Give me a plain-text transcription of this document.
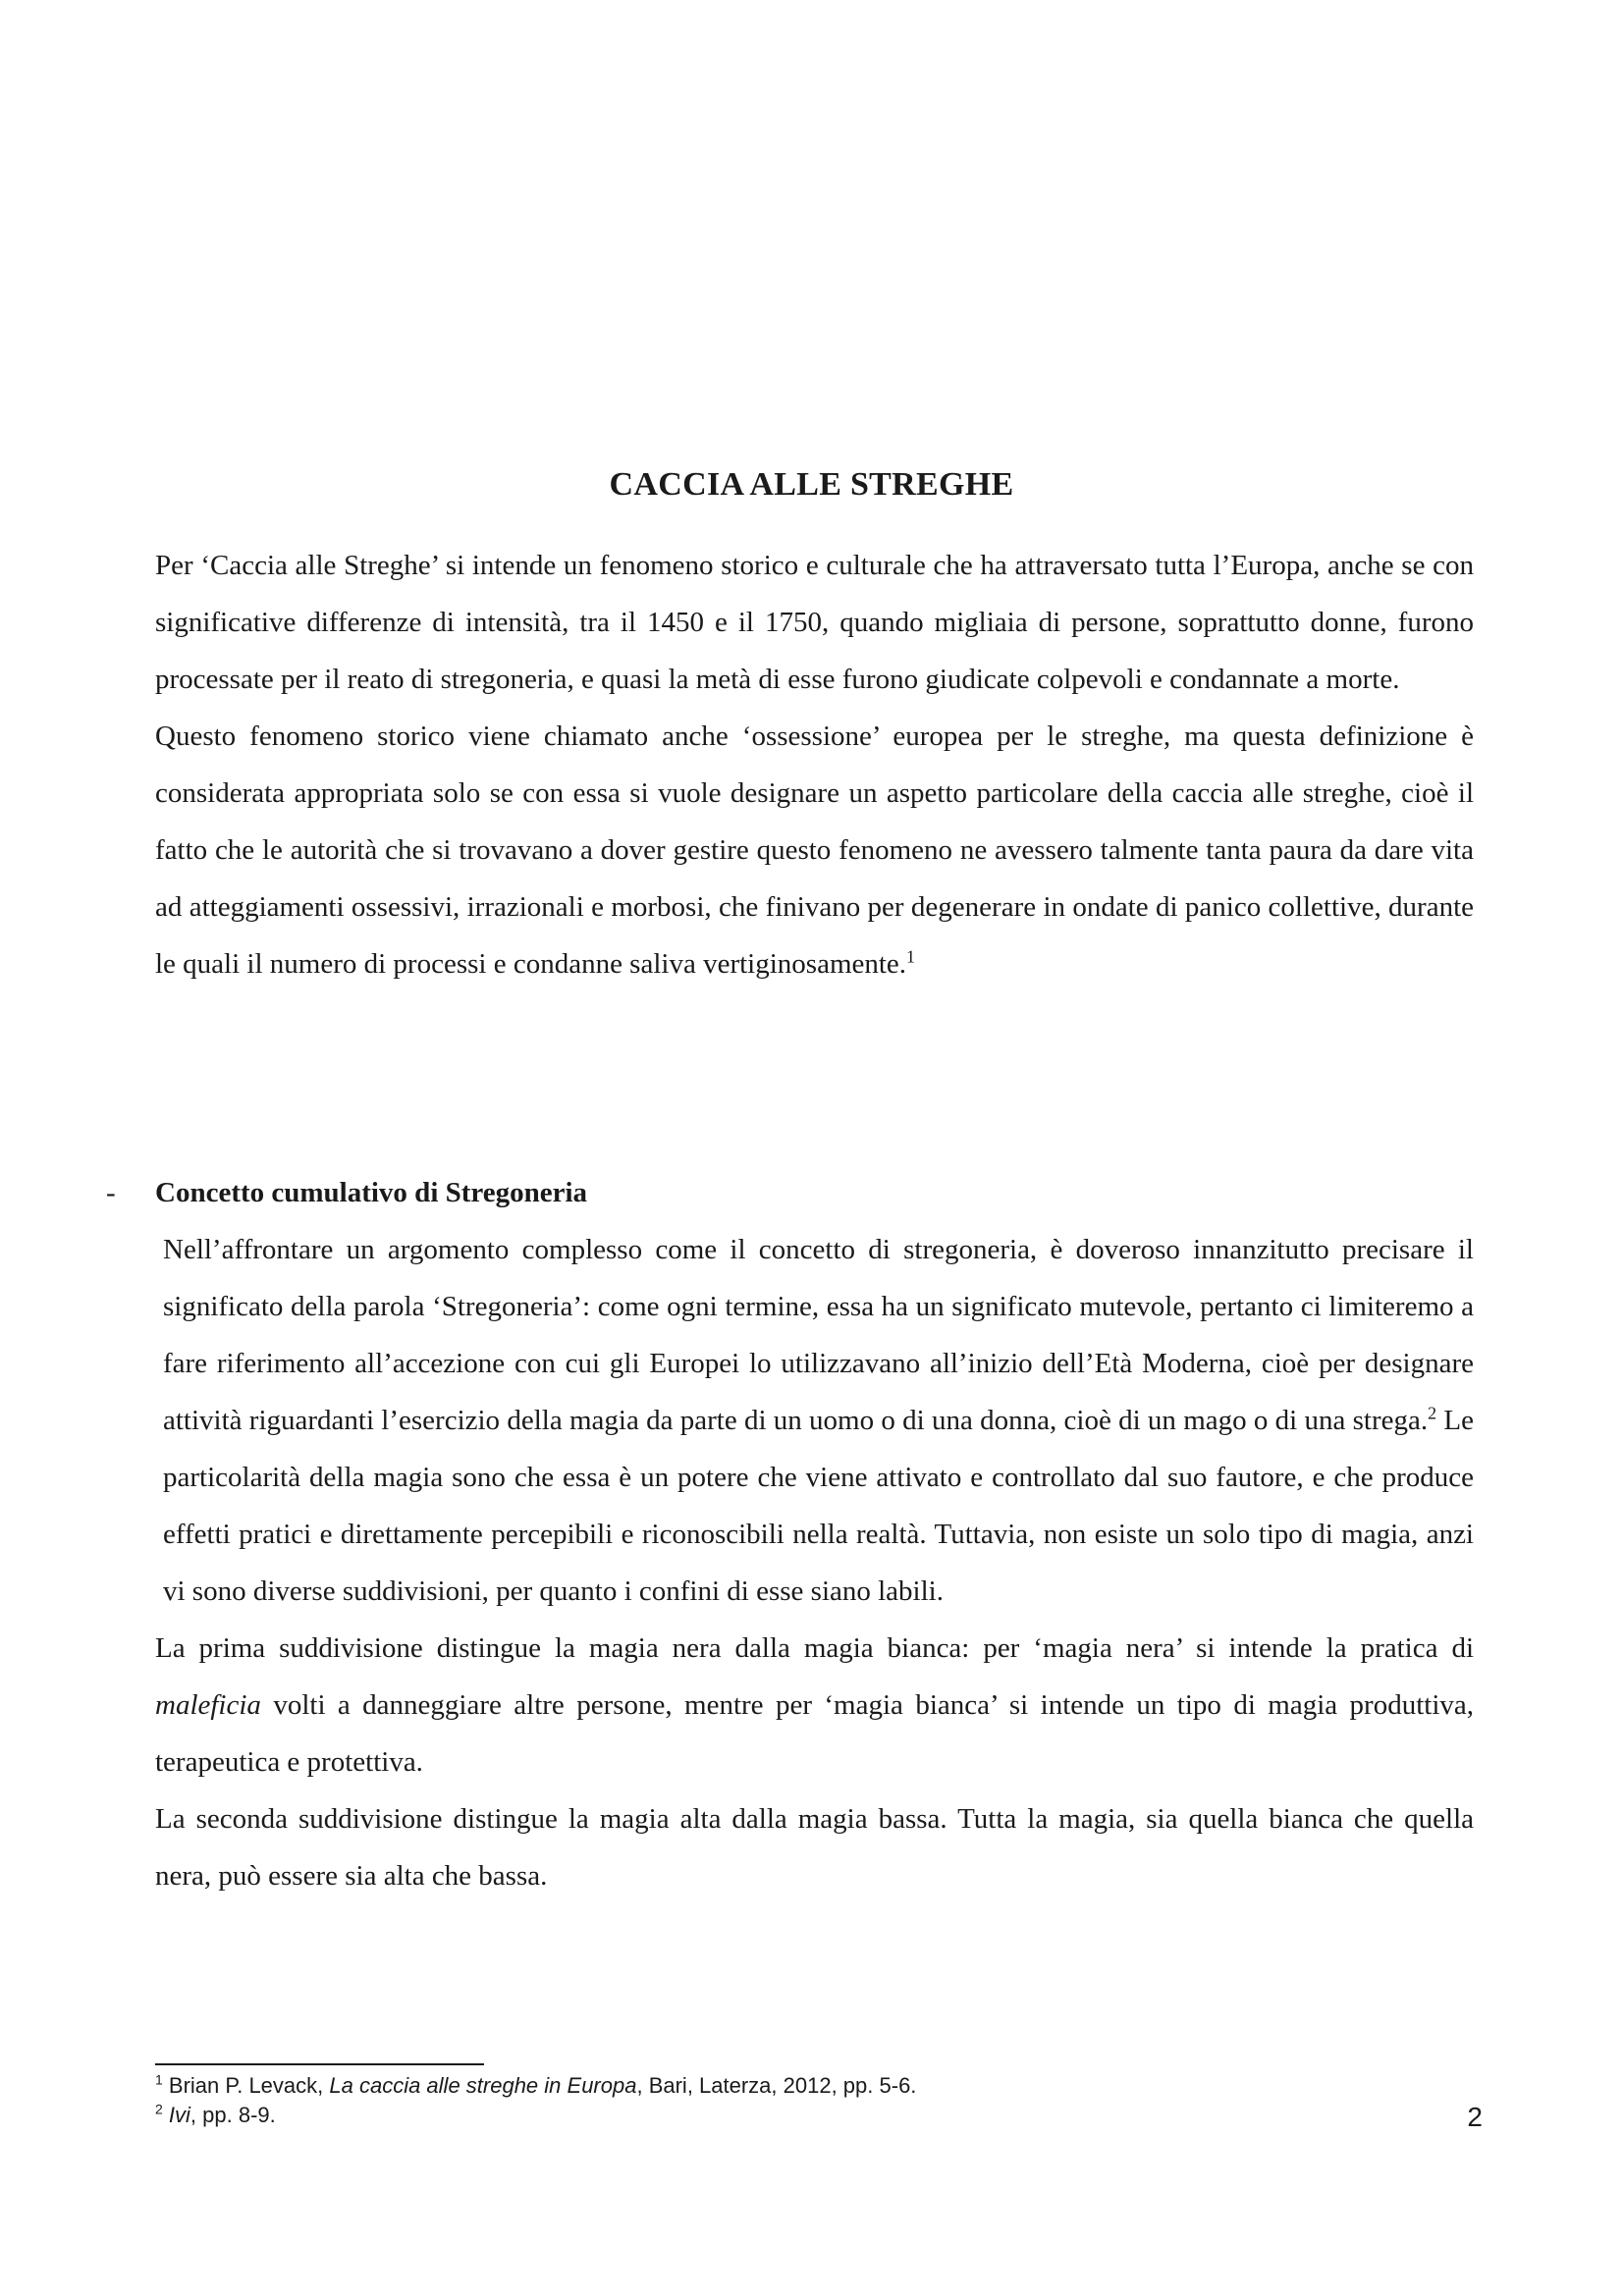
CACCIA ALLE STREGHE

Per ‘Caccia alle Streghe’ si intende un fenomeno storico e culturale che ha attraversato tutta l’Europa, anche se con significative differenze di intensità, tra il 1450 e il 1750, quando migliaia di persone, soprattutto donne, furono processate per il reato di stregoneria, e quasi la metà di esse furono giudicate colpevoli e condannate a morte.

Questo fenomeno storico viene chiamato anche ‘ossessione’ europea per le streghe, ma questa definizione è considerata appropriata solo se con essa si vuole designare un aspetto particolare della caccia alle streghe, cioè il fatto che le autorità che si trovavano a dover gestire questo fenomeno ne avessero talmente tanta paura da dare vita ad atteggiamenti ossessivi, irrazionali e morbosi, che finivano per degenerare in ondate di panico collettive, durante le quali il numero di processi e condanne saliva vertiginosamente.$^1$

- Concetto cumulativo di Stregoneria

Nell’affrontare un argomento complesso come il concetto di stregoneria, è doveroso innanzitutto precisare il significato della parola ‘Stregoneria’: come ogni termine, essa ha un significato mutevole, pertanto ci limiteremo a fare riferimento all’accezione con cui gli Europei lo utilizzavano all’inizio dell’Età Moderna, cioè per designare attività riguardanti l’esercizio della magia da parte di un uomo o di una donna, cioè di un mago o di una strega.$^2$ Le particolarità della magia sono che essa è un potere che viene attivato e controllato dal suo fautore, e che produce effetti pratici e direttamente percepibili e riconoscibili nella realtà. Tuttavia, non esiste un solo tipo di magia, anzi vi sono diverse suddivisioni, per quanto i confini di esse siano labili.

La prima suddivisione distingue la magia nera dalla magia bianca: per ‘magia nera’ si intende la pratica di maleficia volti a danneggiare altre persone, mentre per ‘magia bianca’ si intende un tipo di magia produttiva, terapeutica e protettiva.

La seconda suddivisione distingue la magia alta dalla magia bassa. Tutta la magia, sia quella bianca che quella nera, può essere sia alta che bassa.

$^1$ Brian P. Levack, La caccia alle streghe in Europa, Bari, Laterza, 2012, pp. 5-6.

$^2$ Ivi, pp. 8-9.	2
